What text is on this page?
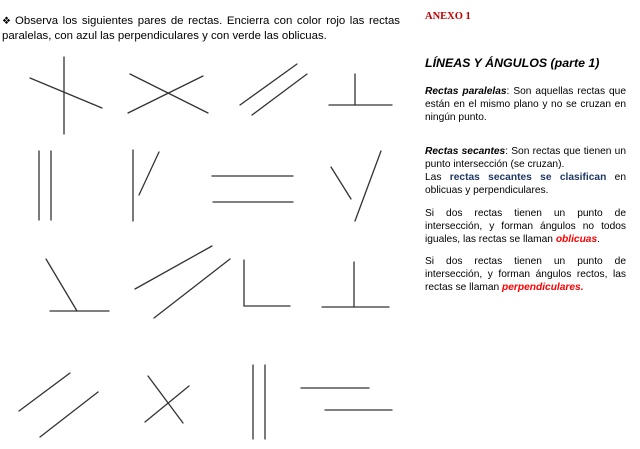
❖ Observa los siguientes pares de rectas. Encierra con color rojo las rectas paralelas, con azul las perpendiculares y con verde las oblicuas.
ANEXO 1
LÍNEAS Y ÁNGULOS (parte 1)
Rectas paralelas: Son aquellas rectas que están en el mismo plano y no se cruzan en ningún punto.
Rectas secantes: Son rectas que tienen un punto intersección (se cruzan).
Las rectas secantes se clasifican en oblicuas y perpendiculares.
Si dos rectas tienen un punto de intersección, y forman ángulos no todos iguales, las rectas se llaman oblicuas.
Si dos rectas tienen un punto de intersección, y forman ángulos rectos, las rectas se llaman perpendiculares.
